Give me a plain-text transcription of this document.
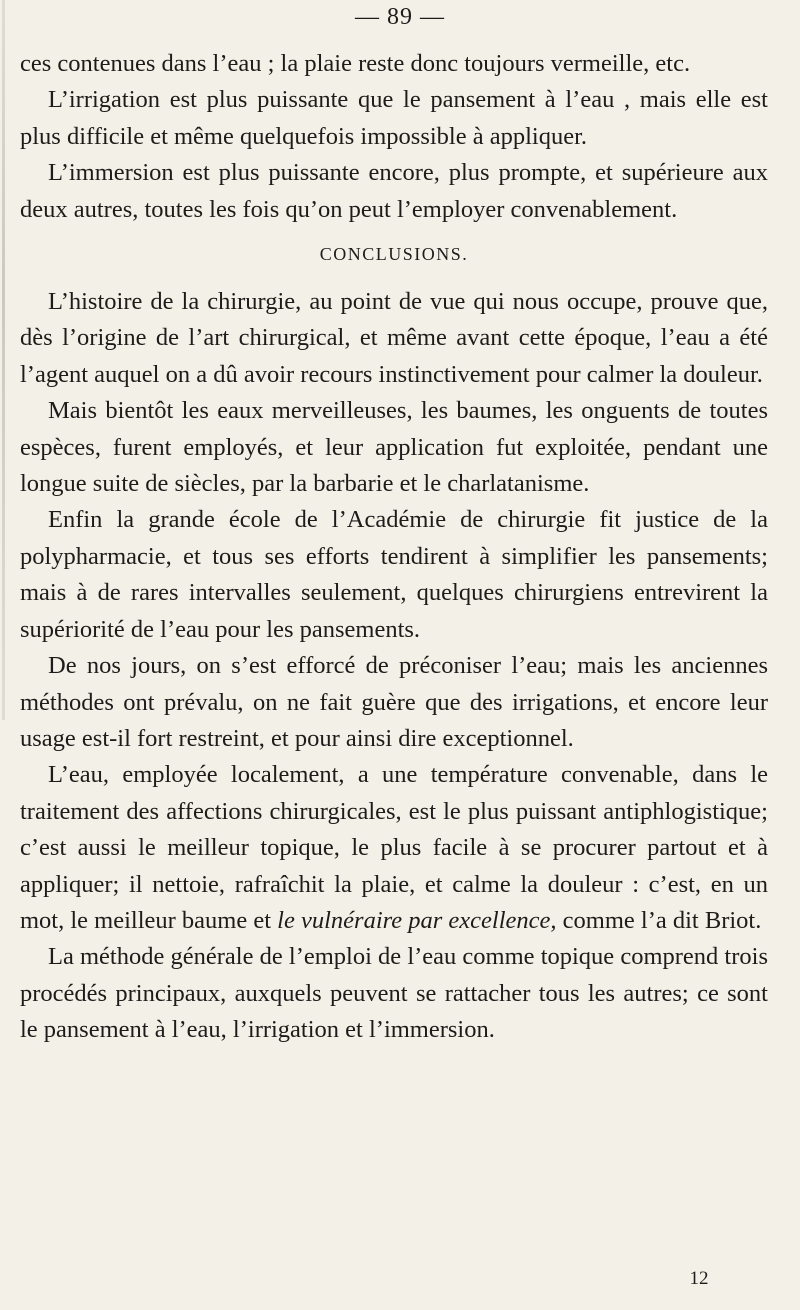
— 89 —

ces contenues dans l’eau ; la plaie reste donc toujours vermeille, etc.

L’irrigation est plus puissante que le pansement à l’eau , mais elle est plus difficile et même quelquefois impossible à appliquer.

L’immersion est plus puissante encore, plus prompte, et supérieure aux deux autres, toutes les fois qu’on peut l’employer convenablement.

CONCLUSIONS.

L’histoire de la chirurgie, au point de vue qui nous occupe, prouve que, dès l’origine de l’art chirurgical, et même avant cette époque, l’eau a été l’agent auquel on a dû avoir recours instinctivement pour calmer la douleur.

Mais bientôt les eaux merveilleuses, les baumes, les onguents de toutes espèces, furent employés, et leur application fut exploitée, pendant une longue suite de siècles, par la barbarie et le charlatanisme.

Enfin la grande école de l’Académie de chirurgie fit justice de la polypharmacie, et tous ses efforts tendirent à simplifier les pansements; mais à de rares intervalles seulement, quelques chirurgiens entrevirent la supériorité de l’eau pour les pansements.

De nos jours, on s’est efforcé de préconiser l’eau; mais les anciennes méthodes ont prévalu, on ne fait guère que des irrigations, et encore leur usage est-il fort restreint, et pour ainsi dire exceptionnel.

L’eau, employée localement, a une température convenable, dans le traitement des affections chirurgicales, est le plus puissant antiphlogistique; c’est aussi le meilleur topique, le plus facile à se procurer partout et à appliquer; il nettoie, rafraîchit la plaie, et calme la douleur : c’est, en un mot, le meilleur baume et le vulnéraire par excellence, comme l’a dit Briot.

La méthode générale de l’emploi de l’eau comme topique comprend trois procédés principaux, auxquels peuvent se rattacher tous les autres; ce sont le pansement à l’eau, l’irrigation et l’immersion.

12
